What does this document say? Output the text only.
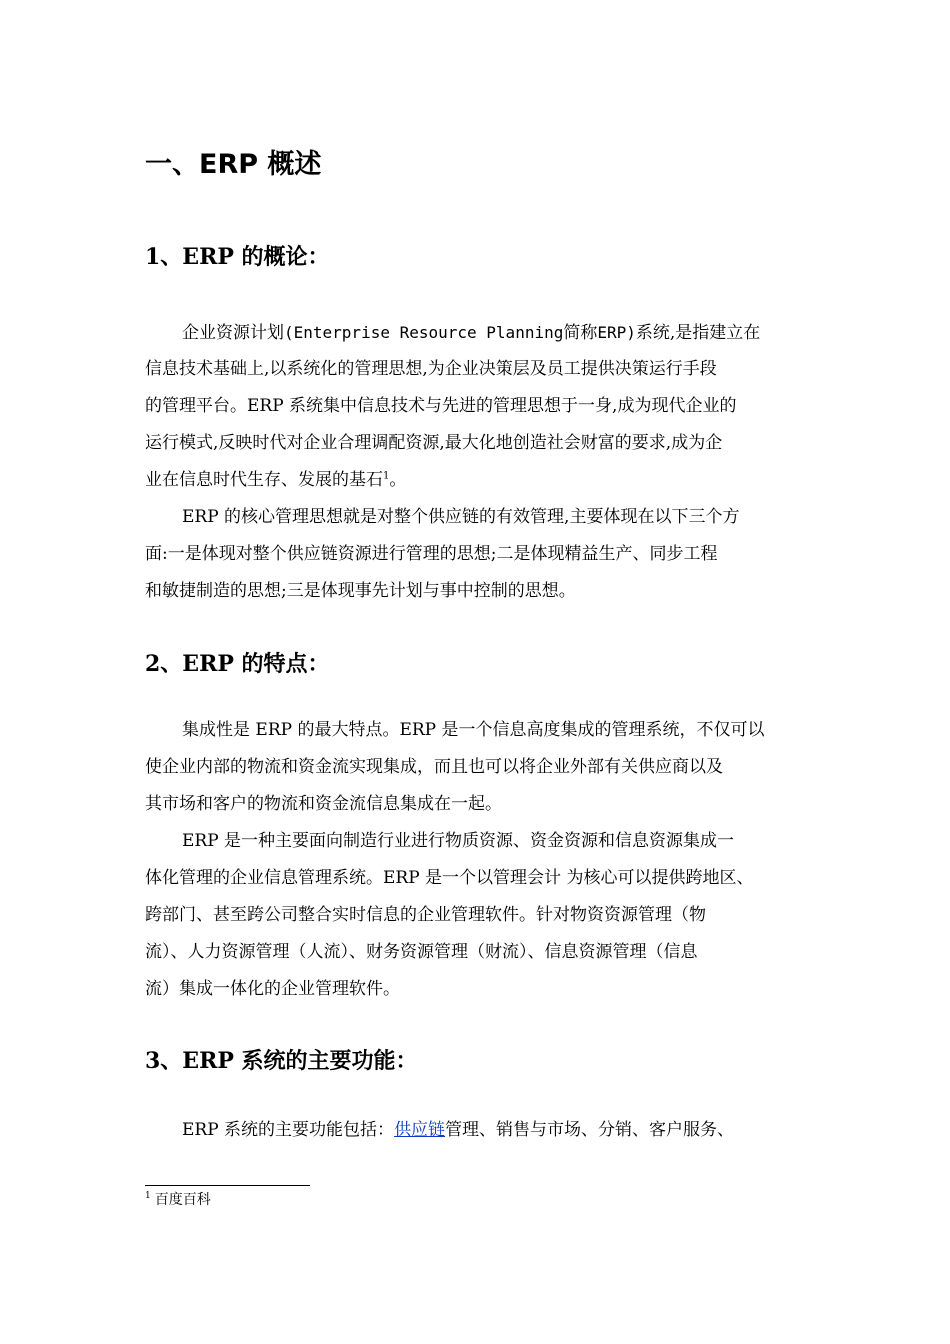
一、ERP 概述
1、ERP 的概论：
企业资源计划(Enterprise Resource Planning简称ERP)系统,是指建立在
信息技术基础上,以系统化的管理思想,为企业决策层及员工提供决策运行手段
的管理平台。ERP 系统集中信息技术与先进的管理思想于一身,成为现代企业的
运行模式,反映时代对企业合理调配资源,最大化地创造社会财富的要求,成为企
业在信息时代生存、发展的基石$^1$。
ERP 的核心管理思想就是对整个供应链的有效管理,主要体现在以下三个方
面:一是体现对整个供应链资源进行管理的思想;二是体现精益生产、同步工程
和敏捷制造的思想;三是体现事先计划与事中控制的思想。
2、ERP 的特点：
集成性是 ERP 的最大特点。ERP 是一个信息高度集成的管理系统，不仅可以
使企业内部的物流和资金流实现集成，而且也可以将企业外部有关供应商以及
其市场和客户的物流和资金流信息集成在一起。
ERP 是一种主要面向制造行业进行物质资源、资金资源和信息资源集成一
体化管理的企业信息管理系统。ERP 是一个以管理会计 为核心可以提供跨地区、
跨部门、甚至跨公司整合实时信息的企业管理软件。针对物资资源管理（物
流）、人力资源管理（人流）、财务资源管理（财流）、信息资源管理（信息
流）集成一体化的企业管理软件。
3、ERP 系统的主要功能：
ERP 系统的主要功能包括：供应链管理、销售与市场、分销、客户服务、
$^1$ 百度百科
